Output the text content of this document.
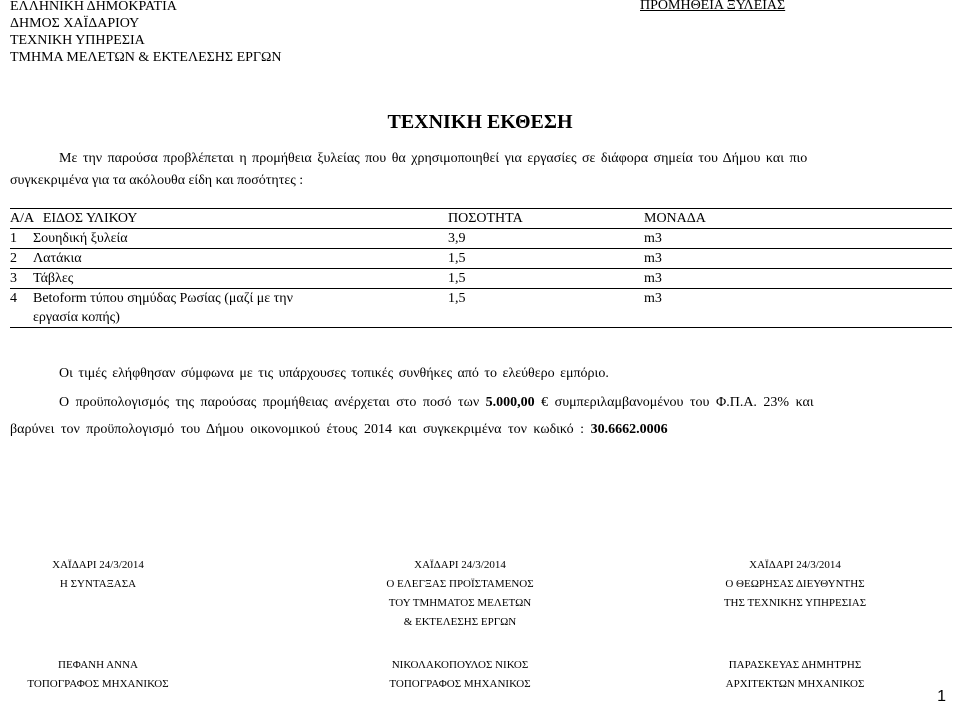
ΕΛΛΗΝΙΚΗ ΔΗΜΟΚΡΑΤΙΑ
ΔΗΜΟΣ ΧΑΪΔΑΡΙΟΥ
ΤΕΧΝΙΚΗ ΥΠΗΡΕΣΙΑ
ΤΜΗΜΑ ΜΕΛΕΤΩΝ & ΕΚΤΕΛΕΣΗΣ ΕΡΓΩΝ
ΠΡΟΜΗΘΕΙΑ ΞΥΛΕΙΑΣ
ΤΕΧΝΙΚΗ ΕΚΘΕΣΗ
Με την παρούσα προβλέπεται η προμήθεια ξυλείας που θα χρησιμοποιηθεί για εργασίες σε διάφορα σημεία του Δήμου και πιο
συγκεκριμένα για τα ακόλουθα είδη και ποσότητες :
Α/Α ΕΙΔΟΣ ΥΛΙΚΟΥ		ΠΟΣΟΤΗΤΑ	ΜΟΝΑΔΑ
1	Σουηδική ξυλεία	3,9	m3
2	Λατάκια	1,5	m3
3	Τάβλες	1,5	m3
4	Betoform τύπου σημύδας Ρωσίας (μαζί με την
εργασία κοπής)	1,5	m3
Οι τιμές ελήφθησαν σύμφωνα με τις υπάρχουσες τοπικές συνθήκες από το ελεύθερο εμπόριο.
Ο προϋπολογισμός της παρούσας προμήθειας ανέρχεται στο ποσό των 5.000,00 € συμπεριλαμβανομένου του Φ.Π.Α. 23% και
βαρύνει τον προϋπολογισμό του Δήμου οικονομικού έτους 2014 και συγκεκριμένα τον κωδικό : 30.6662.0006
ΧΑΪΔΑΡΙ 24/3/2014
Η ΣΥΝΤΑΞΑΣΑ
ΧΑΪΔΑΡΙ 24/3/2014
Ο ΕΛΕΓΞΑΣ ΠΡΟΪΣΤΑΜΕΝΟΣ
ΤΟΥ ΤΜΗΜΑΤΟΣ ΜΕΛΕΤΩΝ
& ΕΚΤΕΛΕΣΗΣ ΕΡΓΩΝ
ΧΑΪΔΑΡΙ 24/3/2014
Ο ΘΕΩΡΗΣΑΣ ΔΙΕΥΘΥΝΤΗΣ
ΤΗΣ ΤΕΧΝΙΚΗΣ ΥΠΗΡΕΣΙΑΣ
ΠΕΦΑΝΗ ΑΝΝΑ
ΤΟΠΟΓΡΑΦΟΣ ΜΗΧΑΝΙΚΟΣ
ΝΙΚΟΛΑΚΟΠΟΥΛΟΣ ΝΙΚΟΣ
ΤΟΠΟΓΡΑΦΟΣ ΜΗΧΑΝΙΚΟΣ
ΠΑΡΑΣΚΕΥΑΣ ΔΗΜΗΤΡΗΣ
ΑΡΧΙΤΕΚΤΩΝ ΜΗΧΑΝΙΚΟΣ
1
